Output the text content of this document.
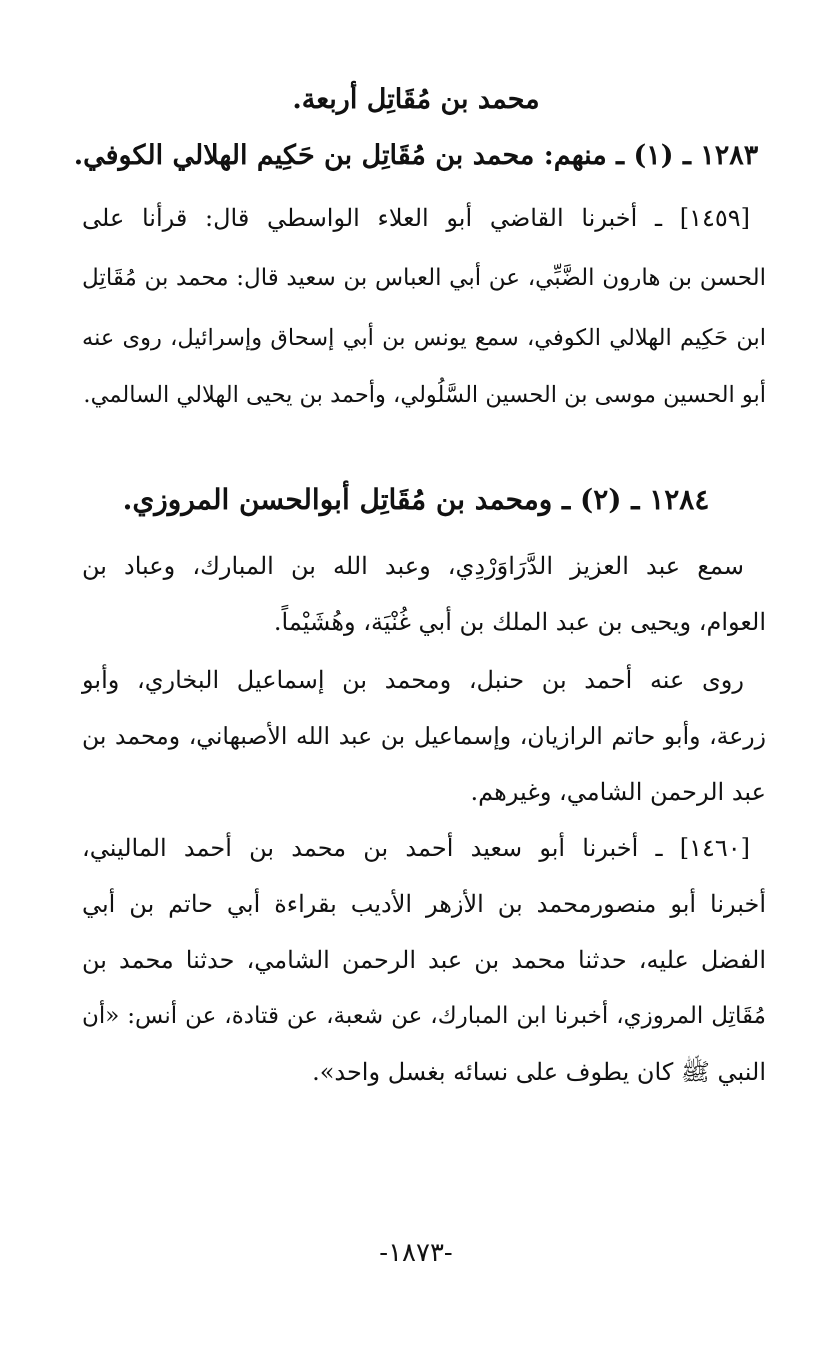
محمد بن مُقَاتِل أربعة.
١٢٨٣ ـ (١) ـ منهم: محمد بن مُقَاتِل بن حَكِيم الهلالي الكوفي.
[١٤٥٩] ـ أخبرنا القاضي أبو العلاء الواسطي قال: قرأنا على
الحسن بن هارون الضَّبِّي، عن أبي العباس بن سعيد قال: محمد بن مُقَاتِل
ابن حَكِيم الهلالي الكوفي، سمع يونس بن أبي إسحاق وإسرائيل، روى عنه
أبو الحسين موسى بن الحسين السَّلُولي، وأحمد بن يحيى الهلالي السالمي.
١٢٨٤ ـ (٢) ـ ومحمد بن مُقَاتِل أبوالحسن المروزي.
سمع عبد العزيز الدَّرَاوَرْدِي، وعبد الله بن المبارك، وعباد بن
العوام، ويحيى بن عبد الملك بن أبي غُنْيَة، وهُشَيْماً.
روى عنه أحمد بن حنبل، ومحمد بن إسماعيل البخاري، وأبو
زرعة، وأبو حاتم الرازيان، وإسماعيل بن عبد الله الأصبهاني، ومحمد بن
عبد الرحمن الشامي، وغيرهم.
[١٤٦٠] ـ أخبرنا أبو سعيد أحمد بن محمد بن أحمد الماليني،
أخبرنا أبو منصورمحمد بن الأزهر الأديب بقراءة أبي حاتم بن أبي
الفضل عليه، حدثنا محمد بن عبد الرحمن الشامي، حدثنا محمد بن
مُقَاتِل المروزي، أخبرنا ابن المبارك، عن شعبة، عن قتادة، عن أنس: «أن
النبي ﷺ كان يطوف على نسائه بغسل واحد».
-١٨٧٣-
